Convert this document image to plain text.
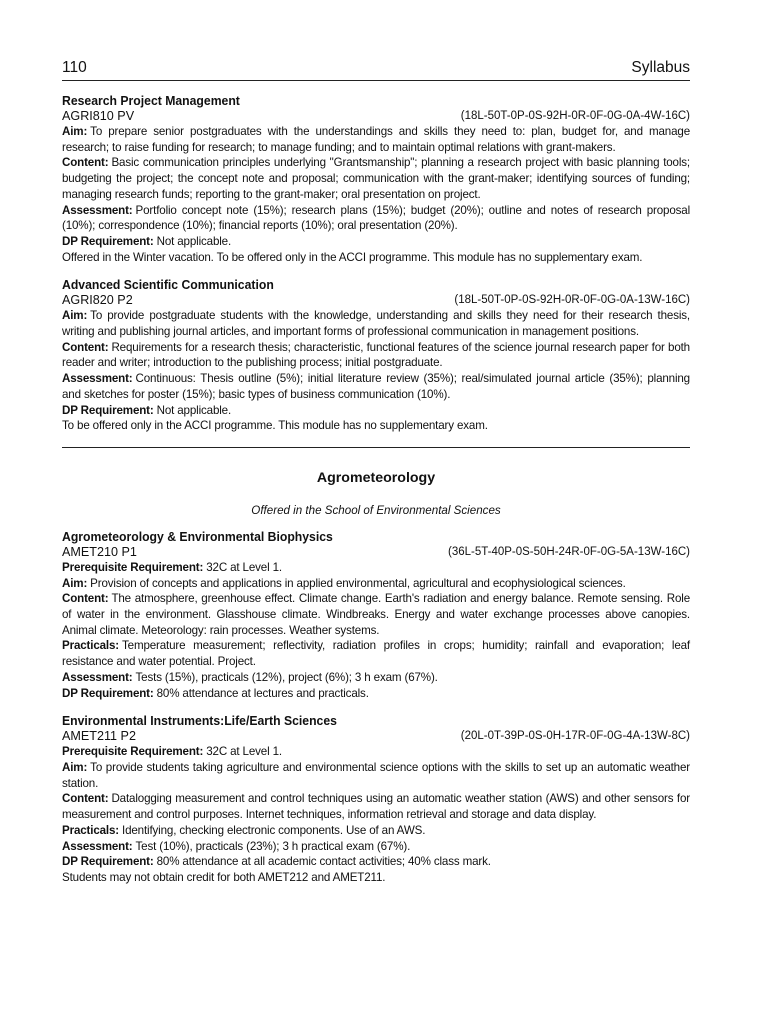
110	Syllabus
Research Project Management
AGRI810 PV	(18L-50T-0P-0S-92H-0R-0F-0G-0A-4W-16C)
Aim: To prepare senior postgraduates with the understandings and skills they need to: plan, budget for, and manage research; to raise funding for research; to manage funding; and to maintain optimal relations with grant-makers.
Content: Basic communication principles underlying "Grantsmanship"; planning a research project with basic planning tools; budgeting the project; the concept note and proposal; communication with the grant-maker; identifying sources of funding; managing research funds; reporting to the grant-maker; oral presentation on project.
Assessment: Portfolio concept note (15%); research plans (15%); budget (20%); outline and notes of research proposal (10%); correspondence (10%); financial reports (10%); oral presentation (20%).
DP Requirement: Not applicable.
Offered in the Winter vacation. To be offered only in the ACCI programme. This module has no supplementary exam.
Advanced Scientific Communication
AGRI820 P2	(18L-50T-0P-0S-92H-0R-0F-0G-0A-13W-16C)
Aim: To provide postgraduate students with the knowledge, understanding and skills they need for their research thesis, writing and publishing journal articles, and important forms of professional communication in management positions.
Content: Requirements for a research thesis; characteristic, functional features of the science journal research paper for both reader and writer; introduction to the publishing process; initial postgraduate.
Assessment: Continuous: Thesis outline (5%); initial literature review (35%); real/simulated journal article (35%); planning and sketches for poster (15%); basic types of business communication (10%).
DP Requirement: Not applicable.
To be offered only in the ACCI programme. This module has no supplementary exam.
Agrometeorology
Offered in the School of Environmental Sciences
Agrometeorology & Environmental Biophysics
AMET210 P1	(36L-5T-40P-0S-50H-24R-0F-0G-5A-13W-16C)
Prerequisite Requirement: 32C at Level 1.
Aim: Provision of concepts and applications in applied environmental, agricultural and ecophysiological sciences.
Content: The atmosphere, greenhouse effect. Climate change. Earth's radiation and energy balance. Remote sensing. Role of water in the environment. Glasshouse climate. Windbreaks. Energy and water exchange processes above canopies. Animal climate. Meteorology: rain processes. Weather systems.
Practicals: Temperature measurement; reflectivity, radiation profiles in crops; humidity; rainfall and evaporation; leaf resistance and water potential. Project.
Assessment: Tests (15%), practicals (12%), project (6%); 3 h exam (67%).
DP Requirement: 80% attendance at lectures and practicals.
Environmental Instruments:Life/Earth Sciences
AMET211 P2	(20L-0T-39P-0S-0H-17R-0F-0G-4A-13W-8C)
Prerequisite Requirement: 32C at Level 1.
Aim: To provide students taking agriculture and environmental science options with the skills to set up an automatic weather station.
Content: Datalogging measurement and control techniques using an automatic weather station (AWS) and other sensors for measurement and control purposes. Internet techniques, information retrieval and storage and data display.
Practicals: Identifying, checking electronic components. Use of an AWS.
Assessment: Test (10%), practicals (23%); 3 h practical exam (67%).
DP Requirement: 80% attendance at all academic contact activities; 40% class mark.
Students may not obtain credit for both AMET212 and AMET211.
